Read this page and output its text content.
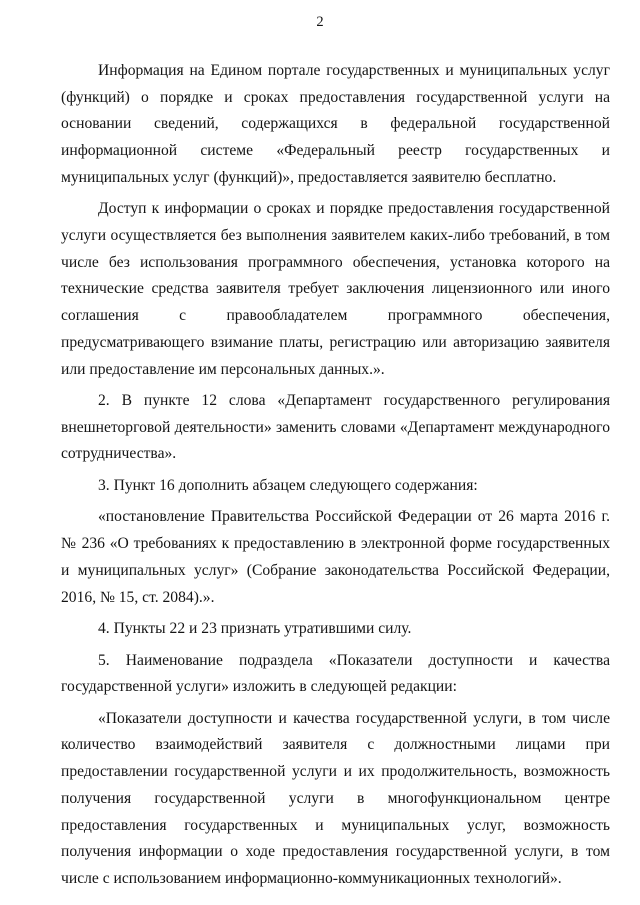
2

Информация на Едином портале государственных и муниципальных услуг (функций) о порядке и сроках предоставления государственной услуги на основании сведений, содержащихся в федеральной государственной информационной системе «Федеральный реестр государственных и муниципальных услуг (функций)», предоставляется заявителю бесплатно.

Доступ к информации о сроках и порядке предоставления государственной услуги осуществляется без выполнения заявителем каких-либо требований, в том числе без использования программного обеспечения, установка которого на технические средства заявителя требует заключения лицензионного или иного соглашения с правообладателем программного обеспечения, предусматривающего взимание платы, регистрацию или авторизацию заявителя или предоставление им персональных данных.».

2. В пункте 12 слова «Департамент государственного регулирования внешнеторговой деятельности» заменить словами «Департамент международного сотрудничества».

3. Пункт 16 дополнить абзацем следующего содержания:

«постановление Правительства Российской Федерации от 26 марта 2016 г. № 236 «О требованиях к предоставлению в электронной форме государственных и муниципальных услуг» (Собрание законодательства Российской Федерации, 2016, № 15, ст. 2084).».

4. Пункты 22 и 23 признать утратившими силу.

5. Наименование подраздела «Показатели доступности и качества государственной услуги» изложить в следующей редакции:

«Показатели доступности и качества государственной услуги, в том числе количество взаимодействий заявителя с должностными лицами при предоставлении государственной услуги и их продолжительность, возможность получения государственной услуги в многофункциональном центре предоставления государственных и муниципальных услуг, возможность получения информации о ходе предоставления государственной услуги, в том числе с использованием информационно-коммуникационных технологий».
